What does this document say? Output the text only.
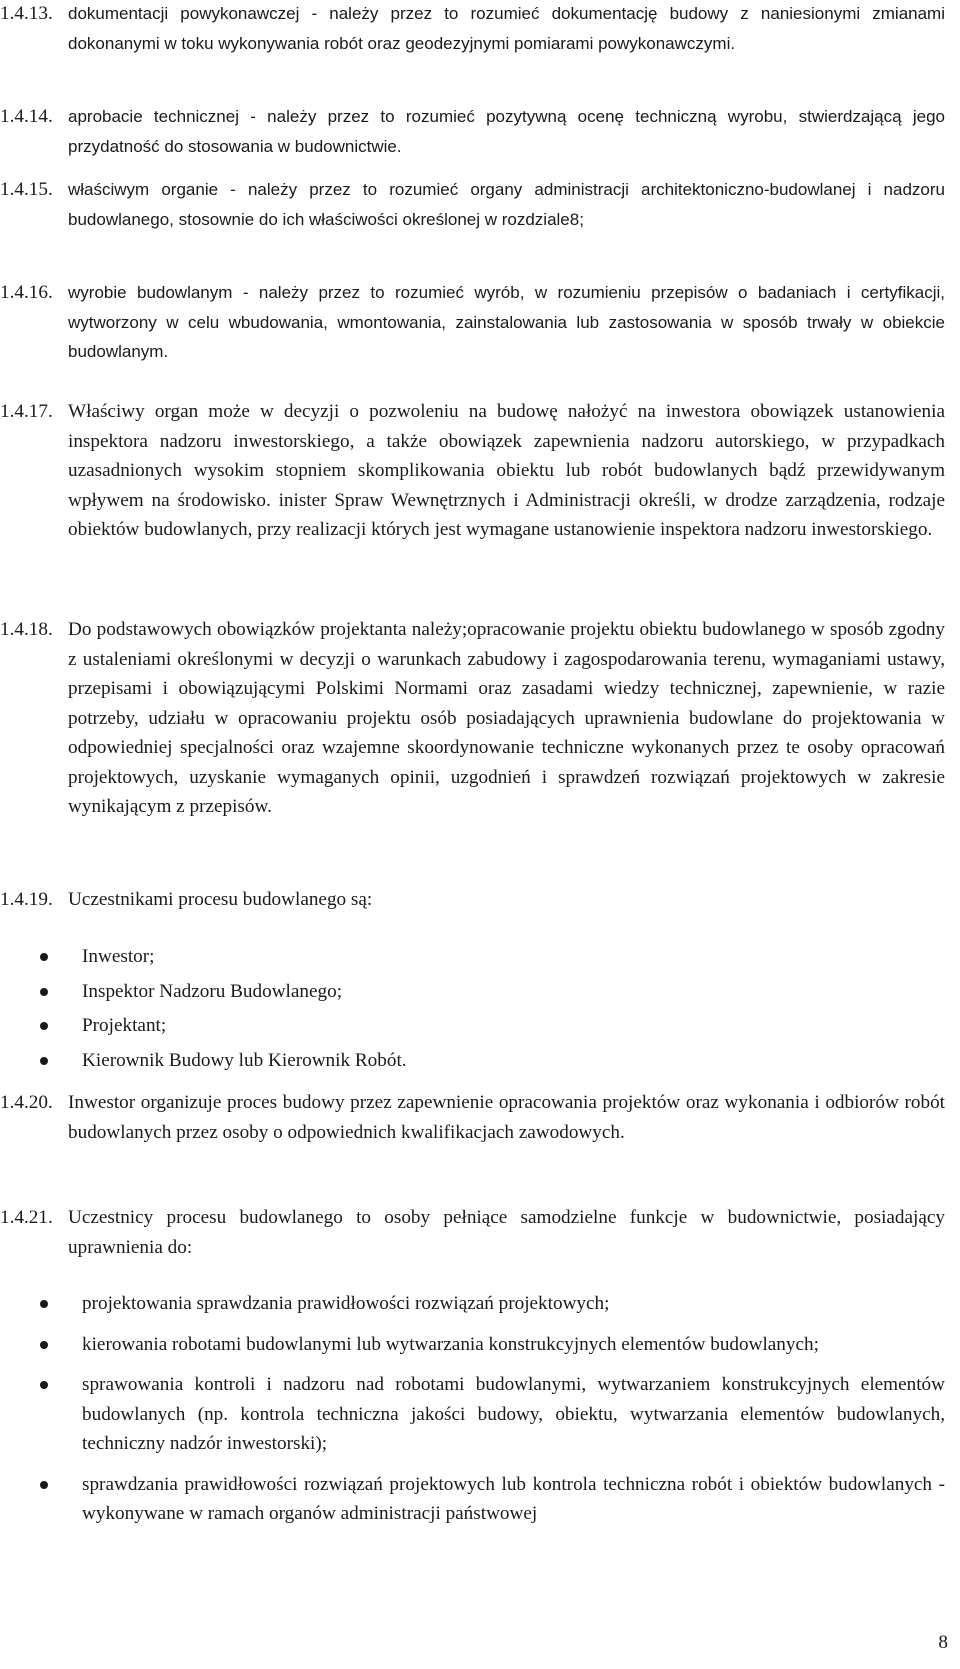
1.4.13. dokumentacji powykonawczej - należy przez to rozumieć dokumentację budowy z naniesionymi zmianami dokonanymi w toku wykonywania robót oraz geodezyjnymi pomiarami powykonawczymi.

1.4.14. aprobacie technicznej - należy przez to rozumieć pozytywną ocenę techniczną wyrobu, stwierdzającą jego przydatność do stosowania w budownictwie.

1.4.15. właściwym organie - należy przez to rozumieć organy administracji architektoniczno-budowlanej i nadzoru budowlanego, stosownie do ich właściwości określonej w rozdziale8;

1.4.16. wyrobie budowlanym - należy przez to rozumieć wyrób, w rozumieniu przepisów o badaniach i certyfikacji, wytworzony w celu wbudowania, wmontowania, zainstalowania lub zastosowania w sposób trwały w obiekcie budowlanym.

1.4.17. Właściwy organ może w decyzji o pozwoleniu na budowę nałożyć na inwestora obowiązek ustanowienia inspektora nadzoru inwestorskiego, a także obowiązek zapewnienia nadzoru autorskiego, w przypadkach uzasadnionych wysokim stopniem skomplikowania obiektu lub robót budowlanych bądź przewidywanym wpływem na środowisko. inister Spraw Wewnętrznych i Administracji określi, w drodze zarządzenia, rodzaje obiektów budowlanych, przy realizacji których jest wymagane ustanowienie inspektora nadzoru inwestorskiego.

1.4.18. Do podstawowych obowiązków projektanta należy;opracowanie projektu obiektu budowlanego w sposób zgodny z ustaleniami określonymi w decyzji o warunkach zabudowy i zagospodarowania terenu, wymaganiami ustawy, przepisami i obowiązującymi Polskimi Normami oraz zasadami wiedzy technicznej, zapewnienie, w razie potrzeby, udziału w opracowaniu projektu osób posiadających uprawnienia budowlane do projektowania w odpowiedniej specjalności oraz wzajemne skoordynowanie techniczne wykonanych przez te osoby opracowań projektowych, uzyskanie wymaganych opinii, uzgodnień i sprawdzeń rozwiązań projektowych w zakresie wynikającym z przepisów.

1.4.19. Uczestnikami procesu budowlanego są:

Inwestor;
Inspektor Nadzoru Budowlanego;
Projektant;
Kierownik Budowy lub Kierownik Robót.

1.4.20. Inwestor organizuje proces budowy przez zapewnienie opracowania projektów oraz wykonania i odbiorów robót budowlanych przez osoby o odpowiednich kwalifikacjach zawodowych.

1.4.21. Uczestnicy procesu budowlanego to osoby pełniące samodzielne funkcje w budownictwie, posiadający uprawnienia do:

projektowania sprawdzania prawidłowości rozwiązań projektowych;
kierowania robotami budowlanymi lub wytwarzania konstrukcyjnych elementów budowlanych;
sprawowania kontroli i nadzoru nad robotami budowlanymi, wytwarzaniem konstrukcyjnych elementów budowlanych (np. kontrola techniczna jakości budowy, obiektu, wytwarzania elementów budowlanych, techniczny nadzór inwestorski);
sprawdzania prawidłowości rozwiązań projektowych lub kontrola techniczna robót i obiektów budowlanych - wykonywane w ramach organów administracji państwowej
8
